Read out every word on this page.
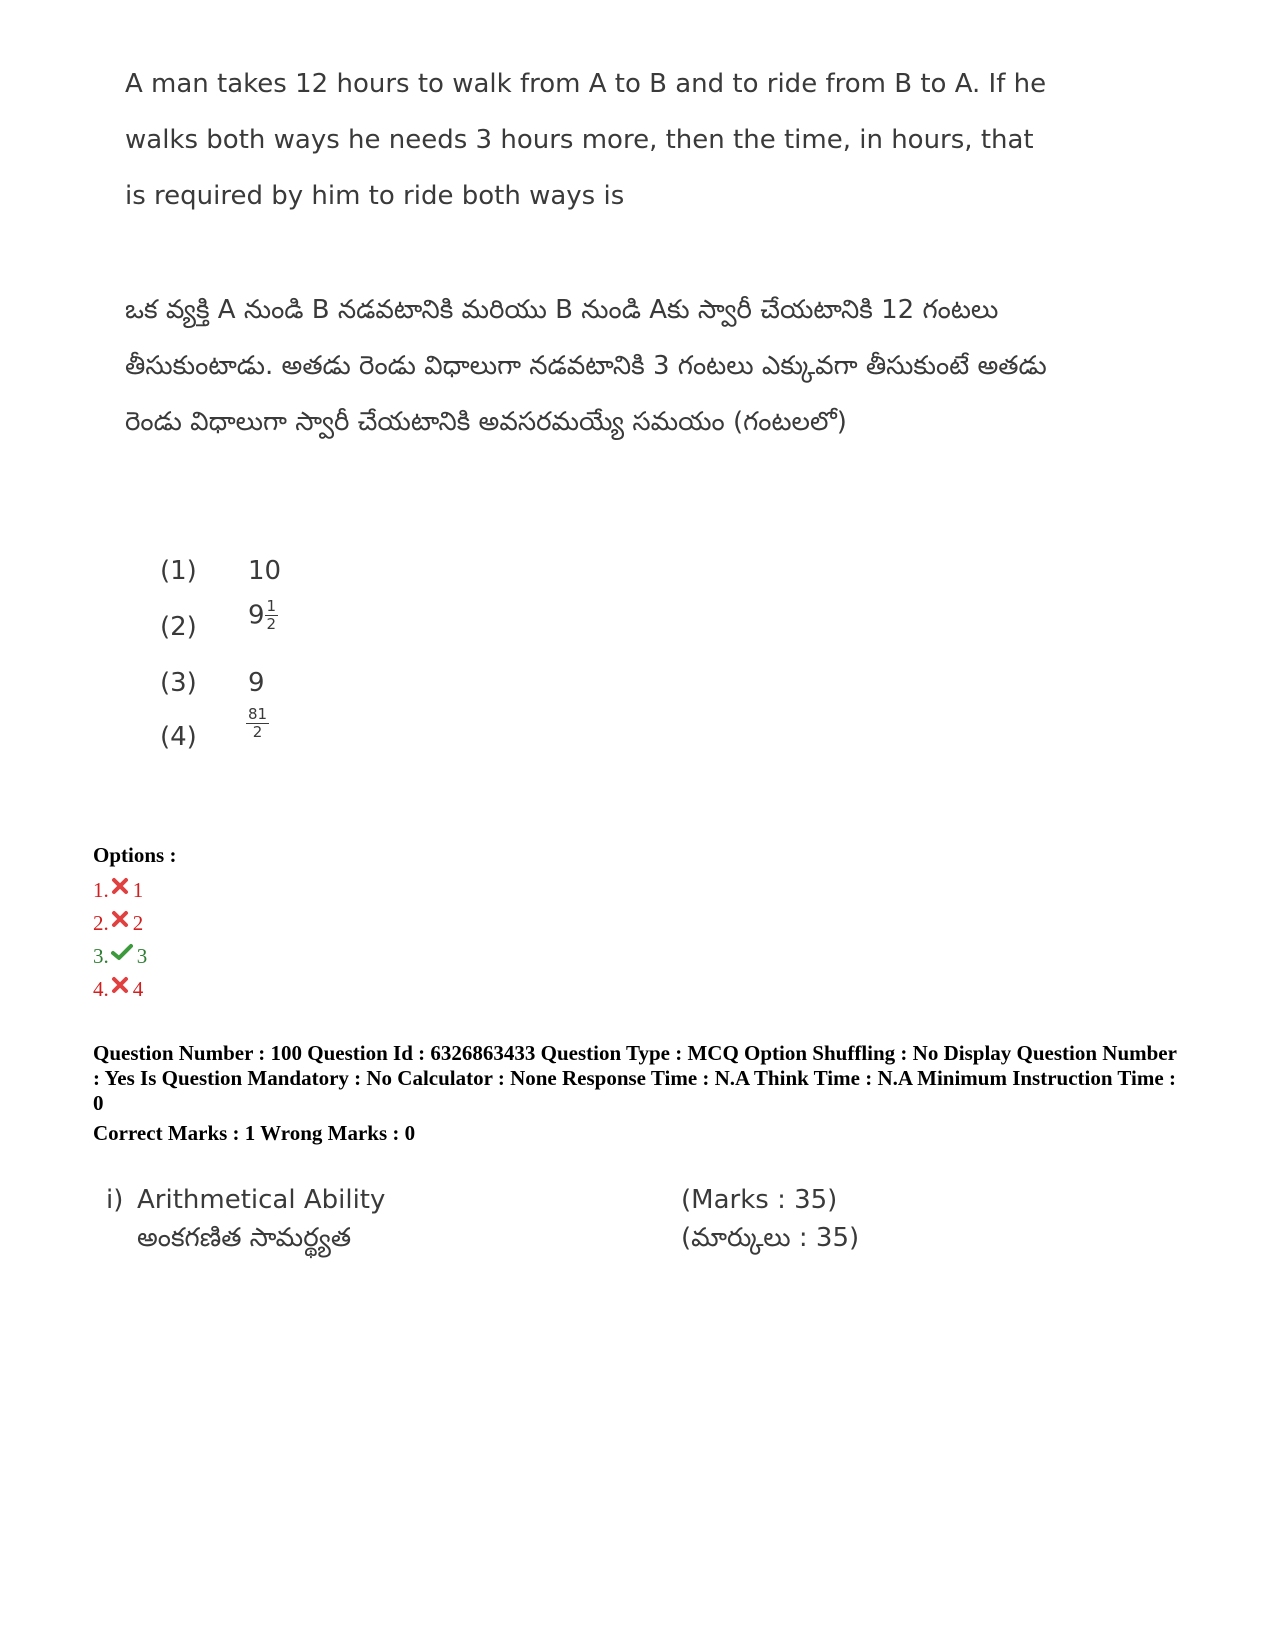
A man takes 12 hours to walk from A to B and to ride from B to A. If he walks both ways he needs 3 hours more, then the time, in hours, that is required by him to ride both ways is
ఒక వ్యక్తి A నుండి B నడవటానికి మరియు B నుండి Aకు స్వారీ చేయటానికి 12 గంటలు తీసుకుంటాడు. అతడు రెండు విధాలుగా నడవటానికి 3 గంటలు ఎక్కువగా తీసుకుంటే అతడు రెండు విధాలుగా స్వారీ చేయటానికి అవసరమయ్యే సమయం (గంటలలో)
(1) 10
(2) $9 \frac{1}{2}$
(3) 9
(4)	$\frac{81}{2}$
Options :
1. 1
2. 2
3. 3
4. 4
Question Number : 100 Question Id : 6326863433 Question Type : MCQ Option Shuffling : No Display Question Number : Yes Is Question Mandatory : No Calculator : None Response Time : N.A Think Time : N.A Minimum Instruction Time : 0
Correct Marks : 1 Wrong Marks : 0
i) Arithmetical Ability
అంకగణిత సామర్థ్యత
(Marks : 35)
(మార్కులు : 35)
